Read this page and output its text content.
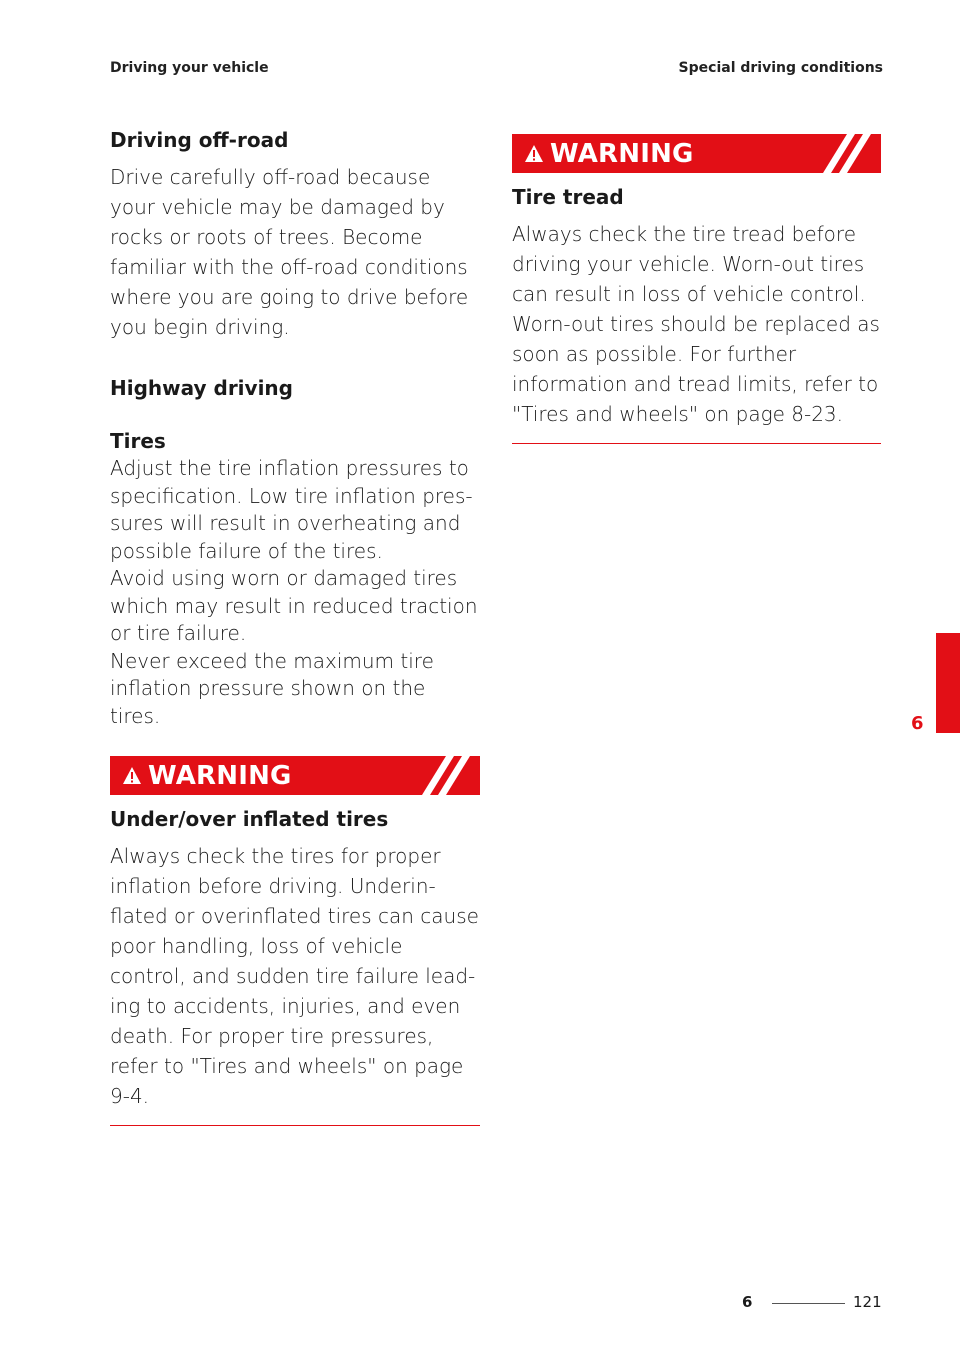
Driving your vehicle	Special driving conditions
Driving off-road

Drive carefully off-road because your vehicle may be damaged by rocks or roots of trees. Become familiar with the off-road conditions where you are going to drive before you begin driving.

Highway driving

Tires

Adjust the tire inflation pressures to specification. Low tire inflation pres-sures will result in overheating and possible failure of the tires.

Avoid using worn or damaged tires which may result in reduced traction or tire failure.

Never exceed the maximum tire inflation pressure shown on the tires.

WARNING

Under/over inflated tires

Always check the tires for proper inflation before driving. Underin-flated or overinflated tires can cause poor handling, loss of vehicle control, and sudden tire failure lead-ing to accidents, injuries, and even death. For proper tire pressures, refer to "Tires and wheels" on page 9-4.

WARNING

Tire tread

Always check the tire tread before driving your vehicle. Worn-out tires can result in loss of vehicle control. Worn-out tires should be replaced as soon as possible. For further information and tread limits, refer to "Tires and wheels" on page 8-23.

6
6	121
